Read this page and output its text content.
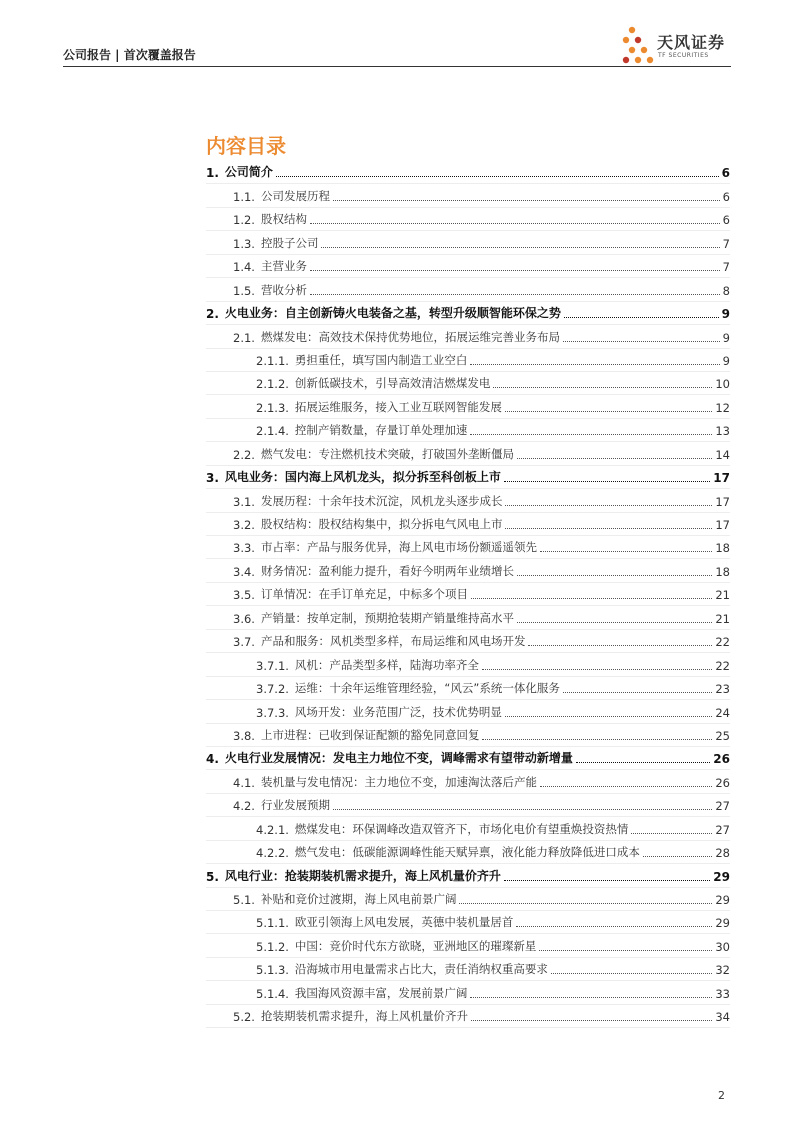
公司报告 | 首次覆盖报告
天风证券
TF SECURITIES
内容目录
1. 公司简介	6
1.1. 公司发展历程	6
1.2. 股权结构	6
1.3. 控股子公司	7
1.4. 主营业务	7
1.5. 营收分析	8
2. 火电业务：自主创新铸火电装备之基，转型升级顺智能环保之势	9
2.1. 燃煤发电：高效技术保持优势地位，拓展运维完善业务布局	9
2.1.1. 勇担重任，填写国内制造工业空白	9
2.1.2. 创新低碳技术，引导高效清洁燃煤发电	10
2.1.3. 拓展运维服务，接入工业互联网智能发展	12
2.1.4. 控制产销数量，存量订单处理加速	13
2.2. 燃气发电：专注燃机技术突破，打破国外垄断僵局	14
3. 风电业务：国内海上风机龙头，拟分拆至科创板上市	17
3.1. 发展历程：十余年技术沉淀，风机龙头逐步成长	17
3.2. 股权结构：股权结构集中，拟分拆电气风电上市	17
3.3. 市占率：产品与服务优异，海上风电市场份额遥遥领先	18
3.4. 财务情况：盈利能力提升，看好今明两年业绩增长	18
3.5. 订单情况：在手订单充足，中标多个项目	21
3.6. 产销量：按单定制，预期抢装期产销量维持高水平	21
3.7. 产品和服务：风机类型多样，布局运维和风电场开发	22
3.7.1. 风机：产品类型多样，陆海功率齐全	22
3.7.2. 运维：十余年运维管理经验，“风云”系统一体化服务	23
3.7.3. 风场开发：业务范围广泛，技术优势明显	24
3.8. 上市进程：已收到保证配额的豁免同意回复	25
4. 火电行业发展情况：发电主力地位不变，调峰需求有望带动新增量	26
4.1. 装机量与发电情况：主力地位不变，加速淘汰落后产能	26
4.2. 行业发展预期	27
4.2.1. 燃煤发电：环保调峰改造双管齐下，市场化电价有望重焕投资热情	27
4.2.2. 燃气发电：低碳能源调峰性能天赋异禀，液化能力释放降低进口成本	28
5. 风电行业：抢装期装机需求提升，海上风机量价齐升	29
5.1. 补贴和竞价过渡期，海上风电前景广阔	29
5.1.1. 欧亚引领海上风电发展，英德中装机量居首	29
5.1.2. 中国：竞价时代东方欲晓，亚洲地区的璀璨新星	30
5.1.3. 沿海城市用电量需求占比大，责任消纳权重高要求	32
5.1.4. 我国海风资源丰富，发展前景广阔	33
5.2. 抢装期装机需求提升，海上风机量价齐升	34
2
